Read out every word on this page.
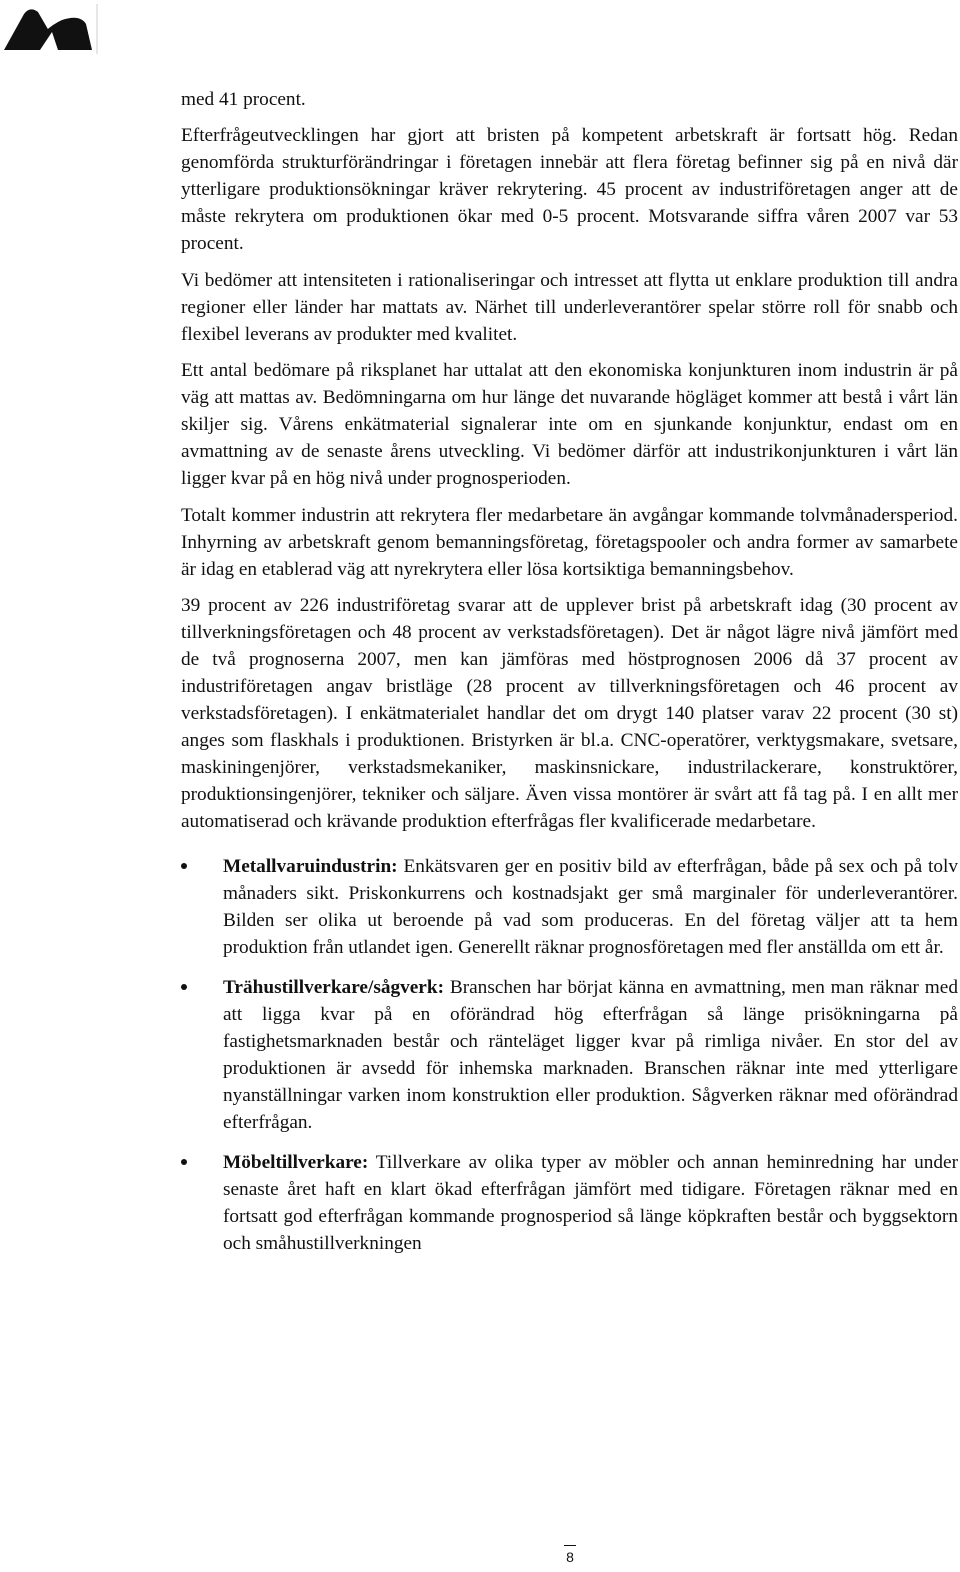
med 41 procent.

Efterfrågeutvecklingen har gjort att bristen på kompetent arbetskraft är fortsatt hög. Redan genomförda strukturförändringar i företagen innebär att flera företag befinner sig på en nivå där ytterligare produktionsökningar kräver rekrytering. 45 procent av industriföretagen anger att de måste rekrytera om produktionen ökar med 0-5 procent. Motsvarande siffra våren 2007 var 53 procent.

Vi bedömer att intensiteten i rationaliseringar och intresset att flytta ut enklare produktion till andra regioner eller länder har mattats av. Närhet till underleverantörer spelar större roll för snabb och flexibel leverans av produkter med kvalitet.

Ett antal bedömare på riksplanet har uttalat att den ekonomiska konjunkturen inom industrin är på väg att mattas av. Bedömningarna om hur länge det nuvarande högläget kommer att bestå i vårt län skiljer sig. Vårens enkätmaterial signalerar inte om en sjunkande konjunktur, endast om en avmattning av de senaste årens utveckling. Vi bedömer därför att industrikonjunkturen i vårt län ligger kvar på en hög nivå under prognosperioden.

Totalt kommer industrin att rekrytera fler medarbetare än avgångar kommande tolvmånadersperiod. Inhyrning av arbetskraft genom bemanningsföretag, företagspooler och andra former av samarbete är idag en etablerad väg att nyrekrytera eller lösa kortsiktiga bemanningsbehov.

39 procent av 226 industriföretag svarar att de upplever brist på arbetskraft idag (30 procent av tillverkningsföretagen och 48 procent av verkstadsföretagen). Det är något lägre nivå jämfört med de två prognoserna 2007, men kan jämföras med höstprognosen 2006 då 37 procent av industriföretagen angav bristläge (28 procent av tillverkningsföretagen och 46 procent av verkstadsföretagen). I enkätmaterialet handlar det om drygt 140 platser varav 22 procent (30 st) anges som flaskhals i produktionen. Bristyrken är bl.a. CNC-operatörer, verktygsmakare, svetsare, maskiningenjörer, verkstadsmekaniker, maskinsnickare, industrilackerare, konstruktörer, produktionsingenjörer, tekniker och säljare. Även vissa montörer är svårt att få tag på. I en allt mer automatiserad och krävande produktion efterfrågas fler kvalificerade medarbetare.

Metallvaruindustrin: Enkätsvaren ger en positiv bild av efterfrågan, både på sex och på tolv månaders sikt. Priskonkurrens och kostnadsjakt ger små marginaler för underleverantörer. Bilden ser olika ut beroende på vad som produceras. En del företag väljer att ta hem produktion från utlandet igen. Generellt räknar prognosföretagen med fler anställda om ett år.
Trähustillverkare/sågverk: Branschen har börjat känna en avmattning, men man räknar med att ligga kvar på en oförändrad hög efterfrågan så länge prisökningarna på fastighetsmarknaden består och ränteläget ligger kvar på rimliga nivåer. En stor del av produktionen är avsedd för inhemska marknaden. Branschen räknar inte med ytterligare nyanställningar varken inom konstruktion eller produktion. Sågverken räknar med oförändrad efterfrågan.
Möbeltillverkare: Tillverkare av olika typer av möbler och annan heminredning har under senaste året haft en klart ökad efterfrågan jämfört med tidigare. Företagen räknar med en fortsatt god efterfrågan kommande prognosperiod så länge köpkraften består och byggsektorn och småhustillverkningen
8
